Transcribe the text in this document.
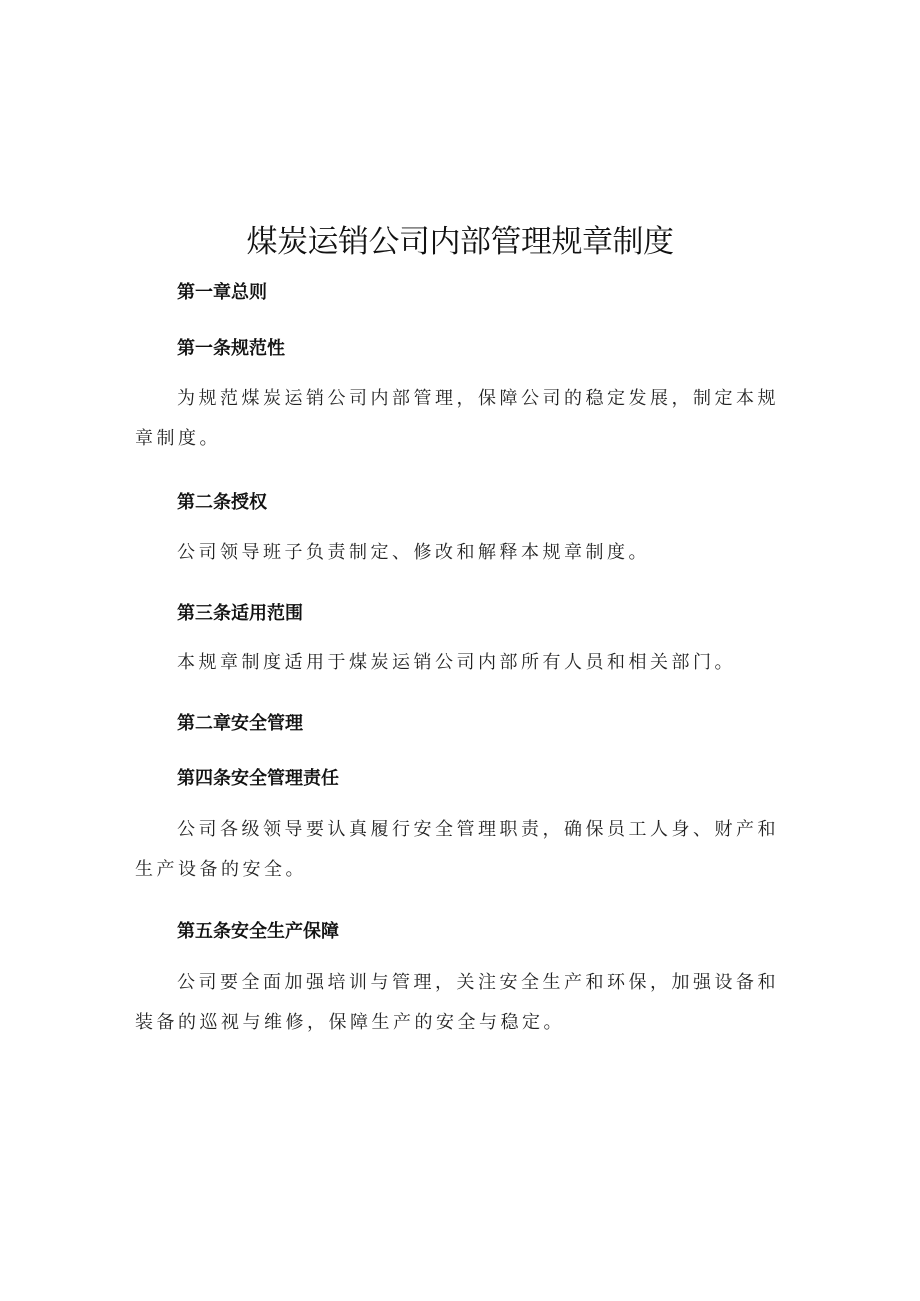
煤炭运销公司内部管理规章制度
第一章总则
第一条规范性

为规范煤炭运销公司内部管理，保障公司的稳定发展，制定本规章制度。

第二条授权

公司领导班子负责制定、修改和解释本规章制度。

第三条适用范围

本规章制度适用于煤炭运销公司内部所有人员和相关部门。

第二章安全管理
第四条安全管理责任

公司各级领导要认真履行安全管理职责，确保员工人身、财产和生产设备的安全。

第五条安全生产保障

公司要全面加强培训与管理，关注安全生产和环保，加强设备和装备的巡视与维修，保障生产的安全与稳定。
